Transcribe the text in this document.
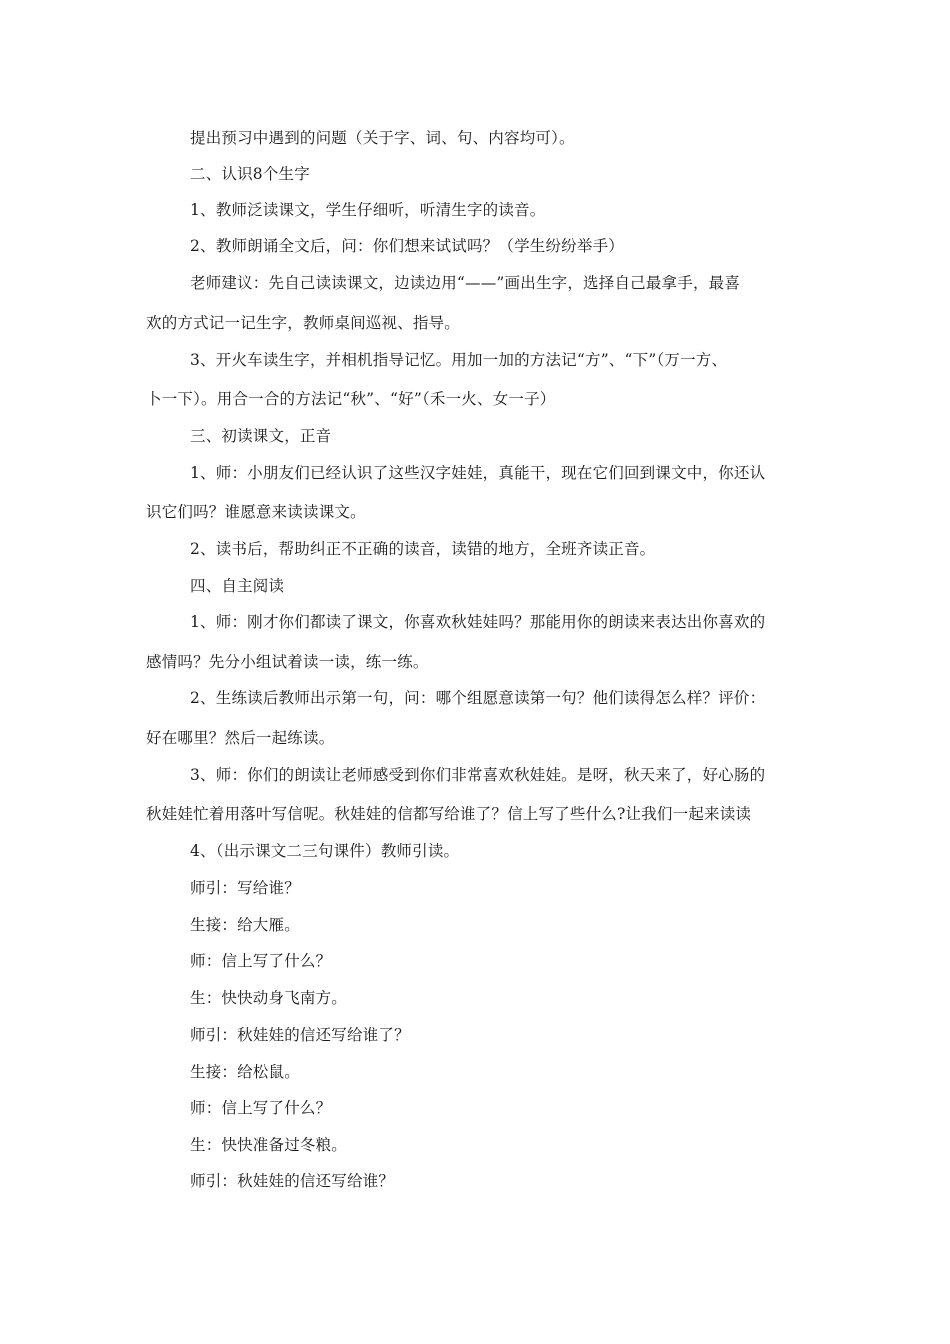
提出预习中遇到的问题（关于字、词、句、内容均可）。
二、认识8个生字
1、教师泛读课文，学生仔细听，听清生字的读音。
2、教师朗诵全文后，问：你们想来试试吗？（学生纷纷举手）
老师建议：先自己读读课文，边读边用“——”画出生字，选择自己最拿手，最喜
欢的方式记一记生字，教师桌间巡视、指导。
3、开火车读生字，并相机指导记忆。用加一加的方法记“方”、“下”（万一方、
卜一下）。用合一合的方法记“秋”、“好”（禾一火、女一子）
三、初读课文，正音
1、师：小朋友们已经认识了这些汉字娃娃，真能干，现在它们回到课文中，你还认
识它们吗？谁愿意来读读课文。
2、读书后，帮助纠正不正确的读音，读错的地方，全班齐读正音。
四、自主阅读
1、师：刚才你们都读了课文，你喜欢秋娃娃吗？那能用你的朗读来表达出你喜欢的
感情吗？先分小组试着读一读，练一练。
2、生练读后教师出示第一句，问：哪个组愿意读第一句？他们读得怎么样？评价：
好在哪里？然后一起练读。
3、师：你们的朗读让老师感受到你们非常喜欢秋娃娃。是呀，秋天来了，好心肠的
秋娃娃忙着用落叶写信呢。秋娃娃的信都写给谁了？信上写了些什么?让我们一起来读读
4、（出示课文二三句课件）教师引读。
师引：写给谁？
生接：给大雁。
师：信上写了什么？
生：快快动身飞南方。
师引：秋娃娃的信还写给谁了？
生接：给松鼠。
师：信上写了什么？
生：快快准备过冬粮。
师引：秋娃娃的信还写给谁？
